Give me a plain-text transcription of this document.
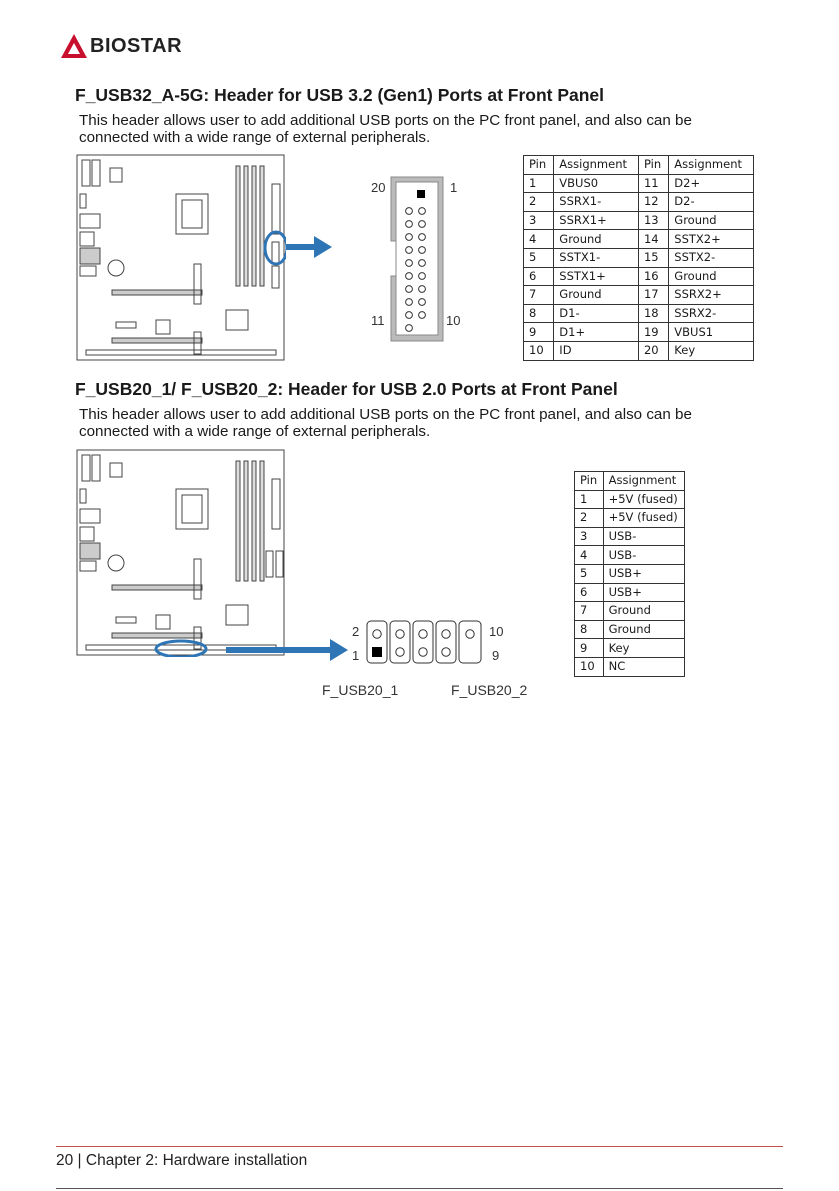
BIOSTAR
F_USB32_A-5G: Header for USB 3.2 (Gen1) Ports at Front Panel
This header allows user to add additional USB ports on the PC front panel, and also can be
connected with a wide range of external peripherals.
20	1
11	10
Pin	Assignment	Pin	Assignment
1	VBUS0	11	D2+
2	SSRX1-	12	D2-
3	SSRX1+	13	Ground
4	Ground	14	SSTX2+
5	SSTX1-	15	SSTX2-
6	SSTX1+	16	Ground
7	Ground	17	SSRX2+
8	D1-	18	SSRX2-
9	D1+	19	VBUS1
10	ID	20	Key
F_USB20_1/ F_USB20_2: Header for USB 2.0 Ports at Front Panel
This header allows user to add additional USB ports on the PC front panel, and also can be
connected with a wide range of external peripherals.
2
1
10
9
F_USB20_1	F_USB20_2
Pin	Assignment
1	+5V (fused)
2	+5V (fused)
3	USB-
4	USB-
5	USB+
6	USB+
7	Ground
8	Ground
9	Key
10	NC
20 | Chapter 2: Hardware installation
